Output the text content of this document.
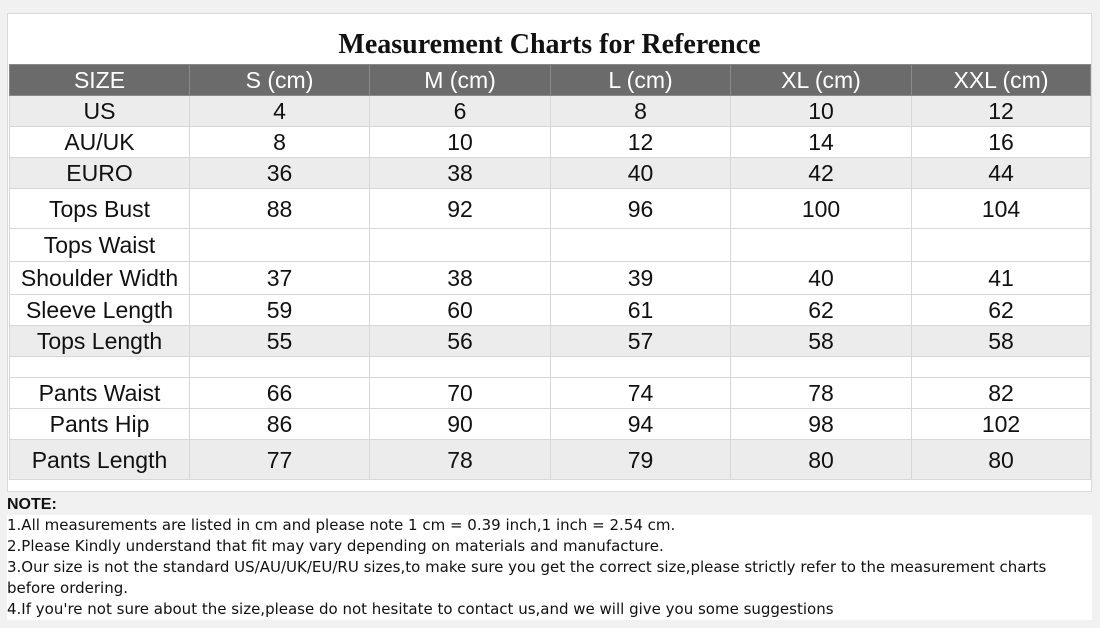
Measurement Charts for Reference
SIZE	S (cm)	M (cm)	L (cm)	XL (cm)	XXL (cm)
US	4	6	8	10	12
AU/UK	8	10	12	14	16
EURO	36	38	40	42	44
Tops Bust	88	92	96	100	104
Tops Waist					
Shoulder Width	37	38	39	40	41
Sleeve Length	59	60	61	62	62
Tops Length	55	56	57	58	58

Pants Waist	66	70	74	78	82
Pants Hip	86	90	94	98	102
Pants Length	77	78	79	80	80
NOTE:
1.All measurements are listed in cm and please note 1 cm = 0.39 inch,1 inch = 2.54 cm.
2.Please Kindly understand that fit may vary depending on materials and manufacture.
3.Our size is not the standard US/AU/UK/EU/RU sizes,to make sure you get the correct size,please strictly refer to the measurement charts before ordering.
4.If you're not sure about the size,please do not hesitate to contact us,and we will give you some suggestions
